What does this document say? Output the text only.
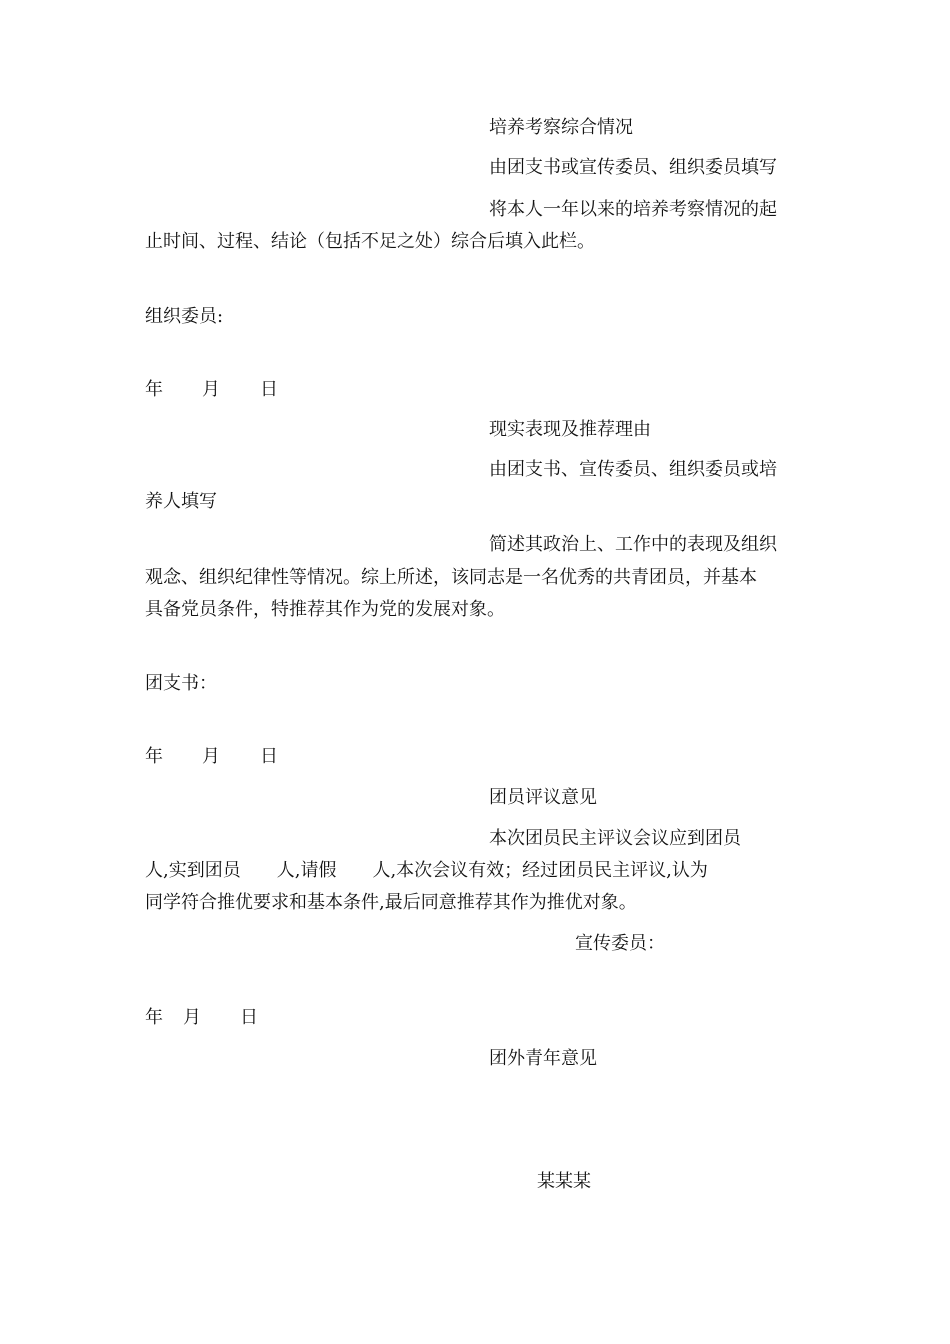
培养考察综合情况
由团支书或宣传委员、组织委员填写
将本人一年以来的培养考察情况的起
止时间、过程、结论（包括不足之处）综合后填入此栏。
组织委员:
年 月 日
现实表现及推荐理由
由团支书、宣传委员、组织委员或培
养人填写
简述其政治上、工作中的表现及组织
观念、组织纪律性等情况。综上所述，该同志是一名优秀的共青团员，并基本
具备党员条件，特推荐其作为党的发展对象。
团支书：
年 月 日
团员评议意见
本次团员民主评议会议应到团员
人,实到团员　　人,请假　　人,本次会议有效；经过团员民主评议,认为
同学符合推优要求和基本条件,最后同意推荐其作为推优对象。
宣传委员：
年 月 日
团外青年意见
某某某
